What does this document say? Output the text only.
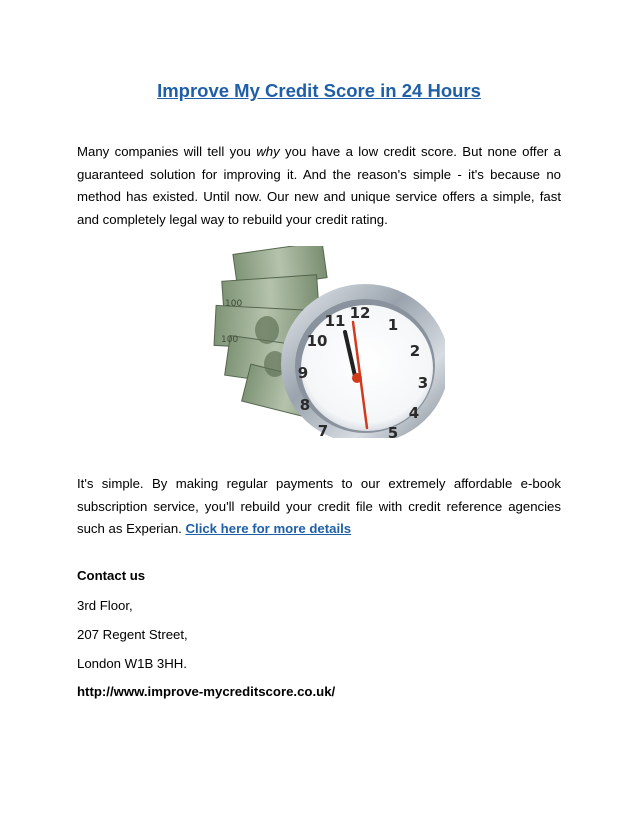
Improve My Credit Score in 24 Hours

Many companies will tell you why you have a low credit score. But none offer a guaranteed solution for improving it. And the reason's simple - it's because no method has existed. Until now. Our new and unique service offers a simple, fast and completely legal way to rebuild your credit rating.

100
100
12
1
2
3
4
5
7
8
9
10
11

It's simple. By making regular payments to our extremely affordable e-book subscription service, you'll rebuild your credit file with credit reference agencies such as Experian. Click here for more details

Contact us

3rd Floor,

207 Regent Street,

London W1B 3HH.

http://www.improve-mycreditscore.co.uk/
